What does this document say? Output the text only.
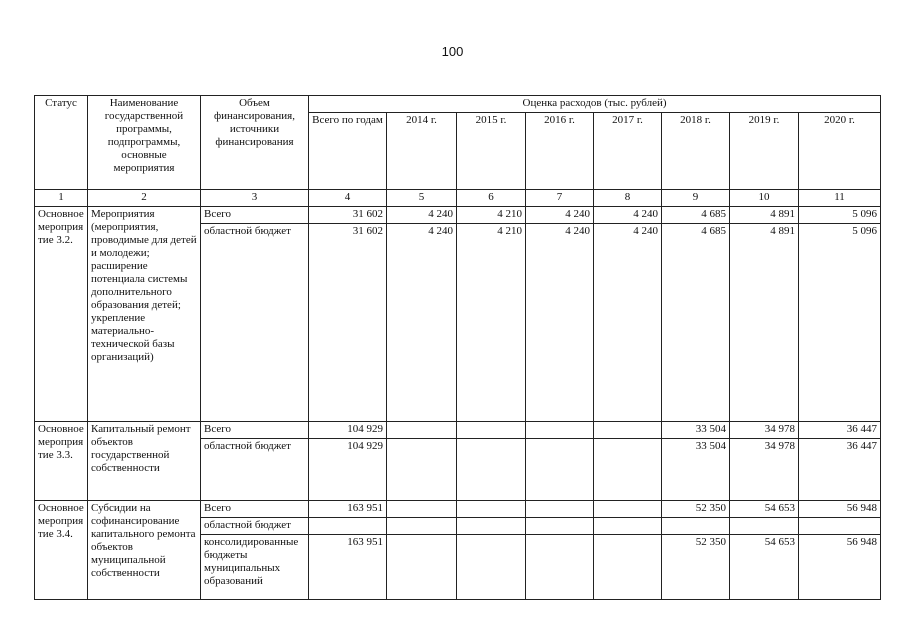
100
Статус	Наименование государственной программы, подпрограммы, основные мероприятия	Объем финансирования, источники финансирования	Оценка расходов (тыс. рублей)							
			Всего по годам	2014 г.	2015 г.	2016 г.	2017 г.	2018 г.	2019 г.	2020 г.
1	2	3	4	5	6	7	8	9	10	11
Основное мероприя тие 3.2.	Мероприятия (мероприятия, проводимые для детей и молодежи; расширение потенциала системы дополнительного образования детей; укрепление материально-технической базы организаций)	Всего	31 602	4 240	4 210	4 240	4 240	4 685	4 891	5 096
		областной бюджет	31 602	4 240	4 210	4 240	4 240	4 685	4 891	5 096
Основное мероприя тие 3.3.	Капитальный ремонт объектов государственной собственности	Всего	104 929					33 504	34 978	36 447
		областной бюджет	104 929					33 504	34 978	36 447
Основное мероприя тие 3.4.	Субсидии на софинансирование капитального ремонта объектов муниципальной собственности	Всего	163 951					52 350	54 653	56 948
		областной бюджет								
		консолидированные бюджеты муниципальных образований	163 951					52 350	54 653	56 948
